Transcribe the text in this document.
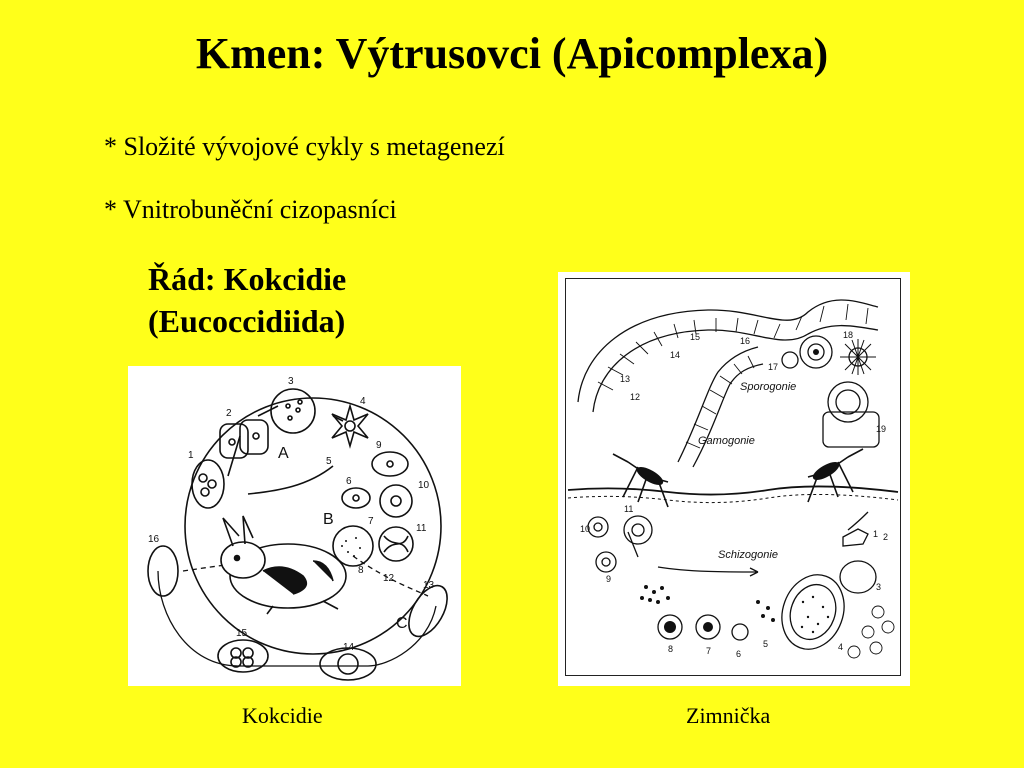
Kmen: Výtrusovci (Apicomplexa)
* Složité vývojové cykly s metagenezí
* Vnitrobuněční cizopasníci
Řád: Kokcidie
(Eucoccidiida)
1
2
3
4
5
6
7
8
9
10
11
12
13
14
15
16
A
B
C
Sporogonie
Gamogonie
Schizogonie
1 2
3
4
5
6
7
8
9
10
11
12
13
14
15	16
17
18
19
Kokcidie	Zimnička
